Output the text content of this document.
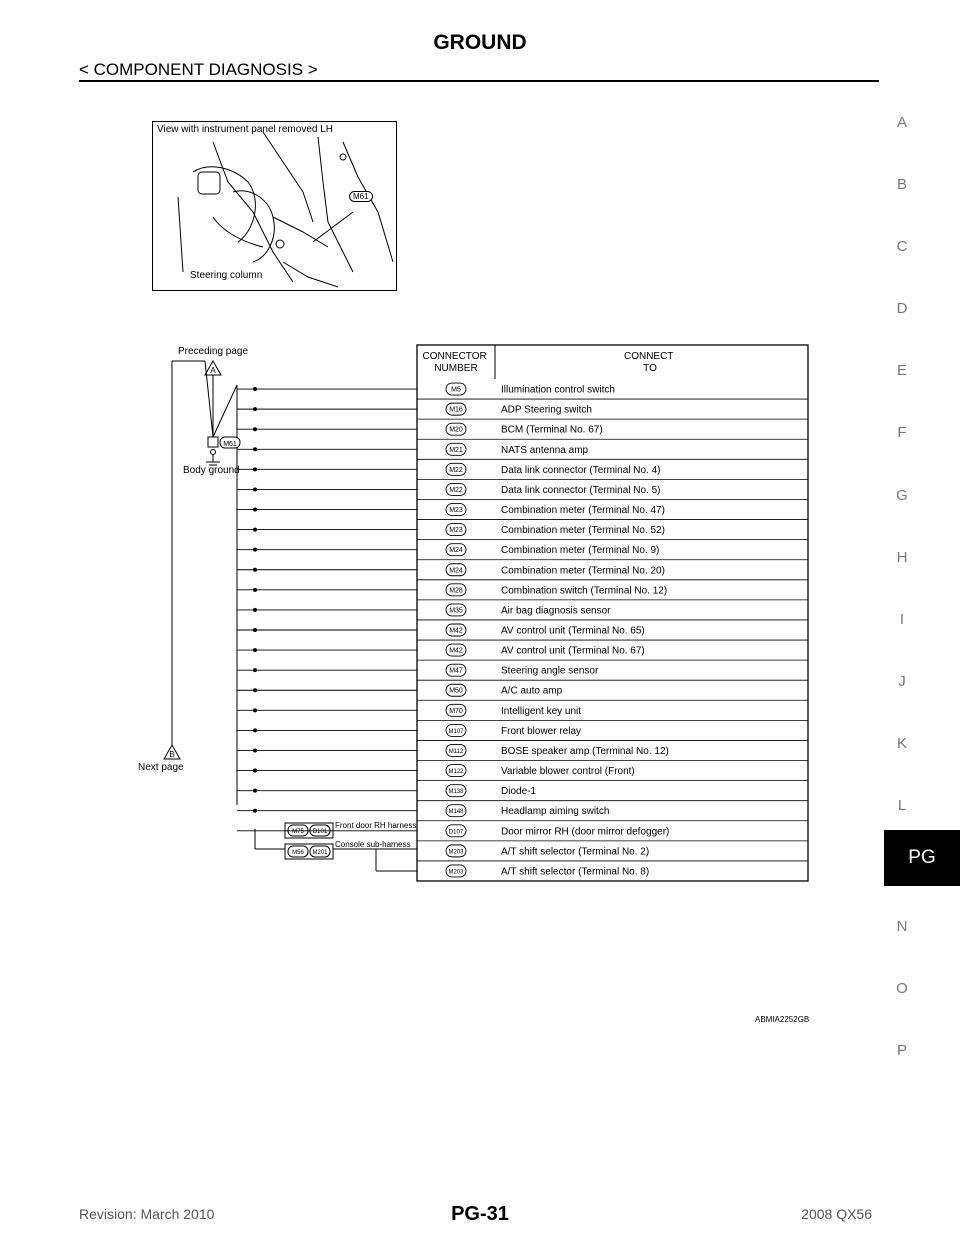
GROUND
< COMPONENT DIAGNOSIS >
A
B
C
D
E
F
G
H
I
J
K
L
N
O
P
PG
View with instrument panel removed LH
Steering column
M61
CONNECTOR NUMBER
CONNECT TO
Preceding page
A
M61
Body ground
B
Next page
M75 D101
Front door RH harness
M56 M201
Console sub-harness
M5	Illumination control switch
M16	ADP Steering switch
M20	BCM (Terminal No. 67)
M21	NATS antenna amp
M22	Data link connector (Terminal No. 4)
M22	Data link connector (Terminal No. 5)
M23	Combination meter (Terminal No. 47)
M23	Combination meter (Terminal No. 52)
M24	Combination meter (Terminal No. 9)
M24	Combination meter (Terminal No. 20)
M28	Combination switch (Terminal No. 12)
M35	Air bag diagnosis sensor
M42	AV control unit (Terminal No. 65)
M42	AV control unit (Terminal No. 67)
M47	Steering angle sensor
M50	A/C auto amp
M70	Intelligent key unit
M107	Front blower relay
M112	BOSE speaker amp (Terminal No. 12)
M122	Variable blower control (Front)
M138	Diode-1
M148	Headlamp aiming switch
D107	Door mirror RH (door mirror defogger)
M203	A/T shift selector (Terminal No. 2)
M203	A/T shift selector (Terminal No. 8)
ABMIA2252GB
Revision: March 2010	PG-31	2008 QX56
